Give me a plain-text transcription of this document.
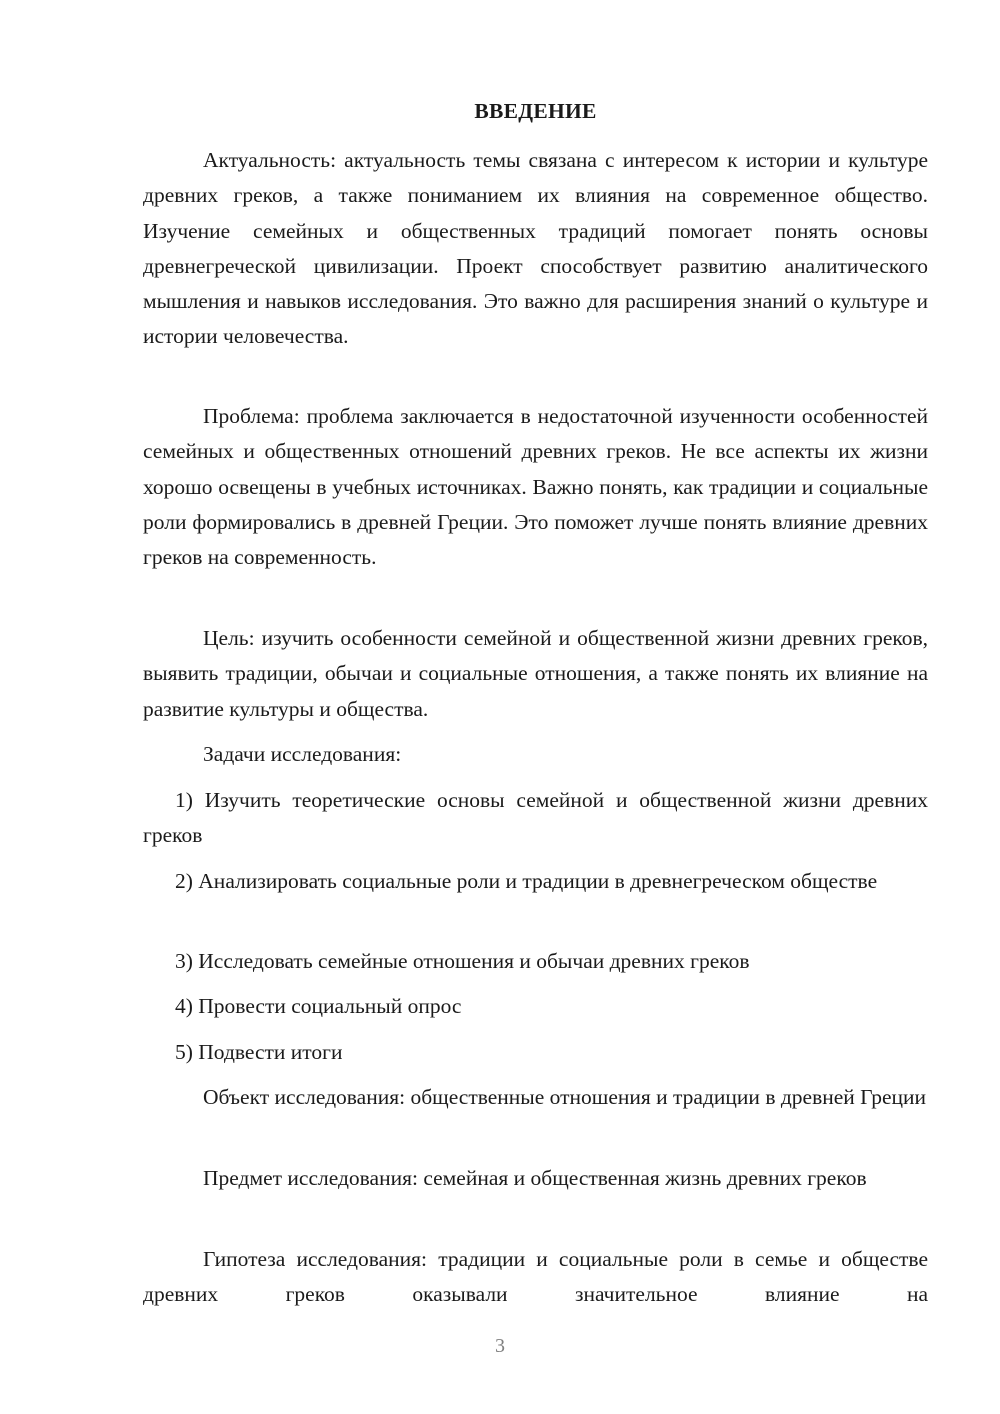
ВВЕДЕНИЕ

Актуальность: актуальность темы связана с интересом к истории и культуре древних греков, а также пониманием их влияния на современное общество. Изучение семейных и общественных традиций помогает понять основы древнегреческой цивилизации. Проект способствует развитию аналитического мышления и навыков исследования. Это важно для расширения знаний о культуре и истории человечества.

Проблема: проблема заключается в недостаточной изученности особенностей семейных и общественных отношений древних греков. Не все аспекты их жизни хорошо освещены в учебных источниках. Важно понять, как традиции и социальные роли формировались в древней Греции. Это поможет лучше понять влияние древних греков на современность.

Цель: изучить особенности семейной и общественной жизни древних греков, выявить традиции, обычаи и социальные отношения, а также понять их влияние на развитие культуры и общества.

Задачи исследования:

1) Изучить теоретические основы семейной и общественной жизни древних греков

2) Анализировать социальные роли и традиции в древнегреческом обществе

3) Исследовать семейные отношения и обычаи древних греков

4) Провести социальный опрос

5) Подвести итоги

Объект исследования: общественные отношения и традиции в древней Греции

Предмет исследования: семейная и общественная жизнь древних греков

Гипотеза исследования: традиции и социальные роли в семье и обществе древних греков оказывали значительное влияние на

3
